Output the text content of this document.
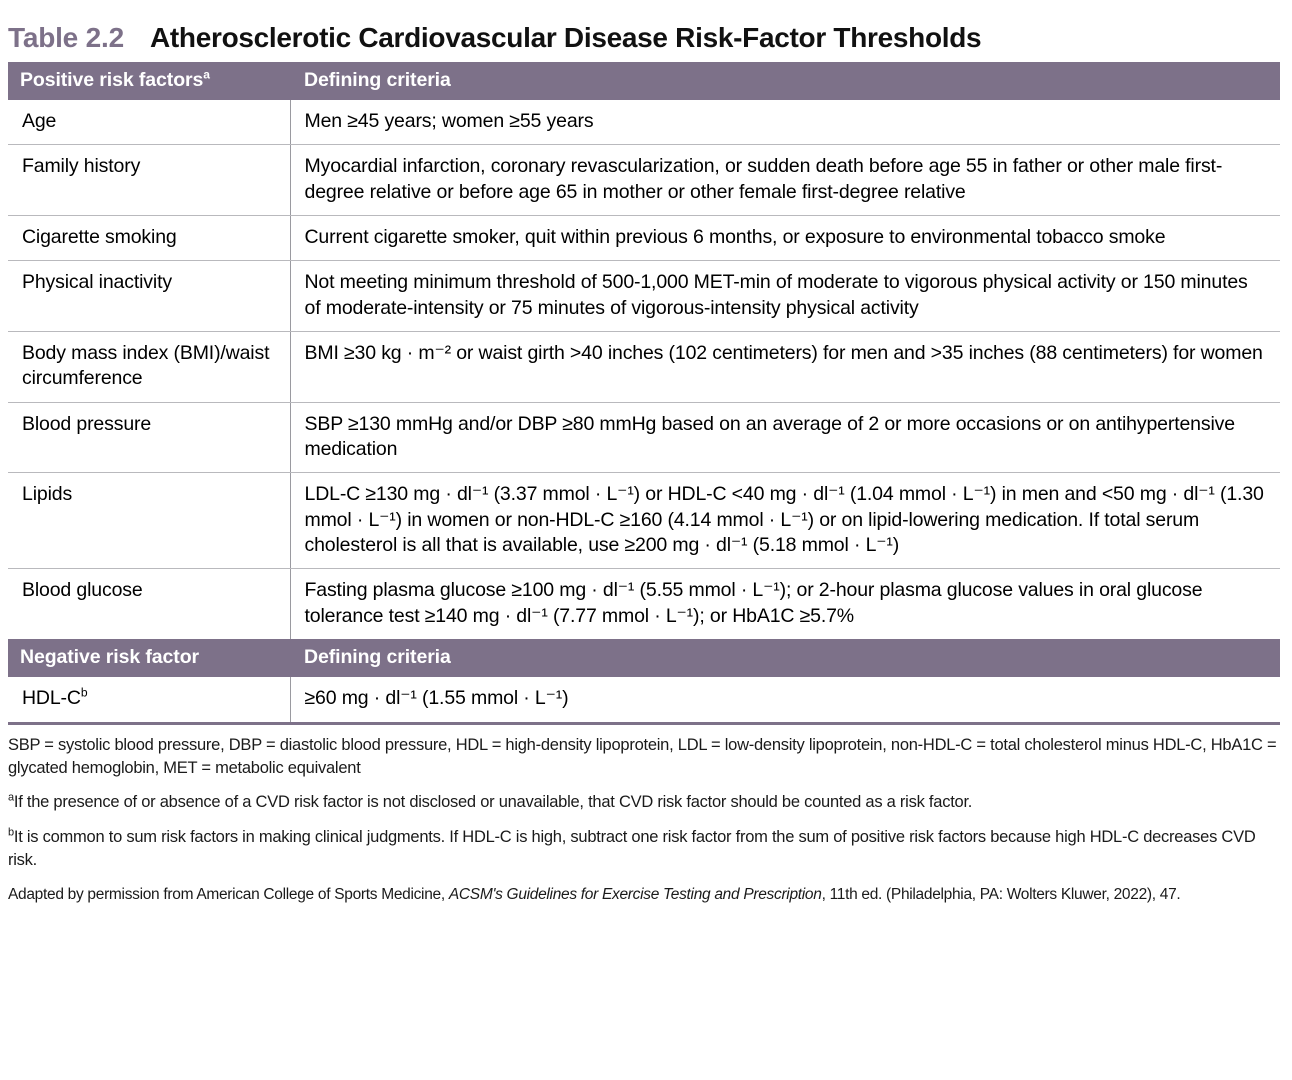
Table 2.2 Atherosclerotic Cardiovascular Disease Risk-Factor Thresholds
Positive risk factors$^a$	Defining criteria
Age	Men ≥45 years; women ≥55 years
Family history	Myocardial infarction, coronary revascularization, or sudden death before age 55 in father or other male first-degree relative or before age 65 in mother or other female first-degree relative
Cigarette smoking	Current cigarette smoker, quit within previous 6 months, or exposure to environmental tobacco smoke
Physical inactivity	Not meeting minimum threshold of 500-1,000 MET-min of moderate to vigorous physical activity or 150 minutes of moderate-intensity or 75 minutes of vigorous-intensity physical activity
Body mass index (BMI)/waist circumference	BMI ≥30 kg · m⁻² or waist girth >40 inches (102 centimeters) for men and >35 inches (88 centimeters) for women
Blood pressure	SBP ≥130 mmHg and/or DBP ≥80 mmHg based on an average of 2 or more occasions or on antihypertensive medication
Lipids	LDL-C ≥130 mg · dl⁻¹ (3.37 mmol · L⁻¹) or HDL-C <40 mg · dl⁻¹ (1.04 mmol · L⁻¹) in men and <50 mg · dl⁻¹ (1.30 mmol · L⁻¹) in women or non-HDL-C ≥160 (4.14 mmol · L⁻¹) or on lipid-lowering medication. If total serum cholesterol is all that is available, use ≥200 mg · dl⁻¹ (5.18 mmol · L⁻¹)
Blood glucose	Fasting plasma glucose ≥100 mg · dl⁻¹ (5.55 mmol · L⁻¹); or 2-hour plasma glucose values in oral glucose tolerance test ≥140 mg · dl⁻¹ (7.77 mmol · L⁻¹); or HbA1C ≥5.7%
Negative risk factor	Defining criteria
HDL-$C^b$	≥60 mg · dl⁻¹ (1.55 mmol · L⁻¹)
SBP = systolic blood pressure, DBP = diastolic blood pressure, HDL = high-density lipoprotein, LDL = low-density lipoprotein, non-HDL-C = total cholesterol minus HDL-C, HbA1C = glycated hemoglobin, MET = metabolic equivalent
$^a$If the presence of or absence of a CVD risk factor is not disclosed or unavailable, that CVD risk factor should be counted as a risk factor.
$^b$It is common to sum risk factors in making clinical judgments. If HDL-C is high, subtract one risk factor from the sum of positive risk factors because high HDL-C decreases CVD risk.
Adapted by permission from American College of Sports Medicine, ACSM's Guidelines for Exercise Testing and Prescription, 11th ed. (Philadelphia, PA: Wolters Kluwer, 2022), 47.
